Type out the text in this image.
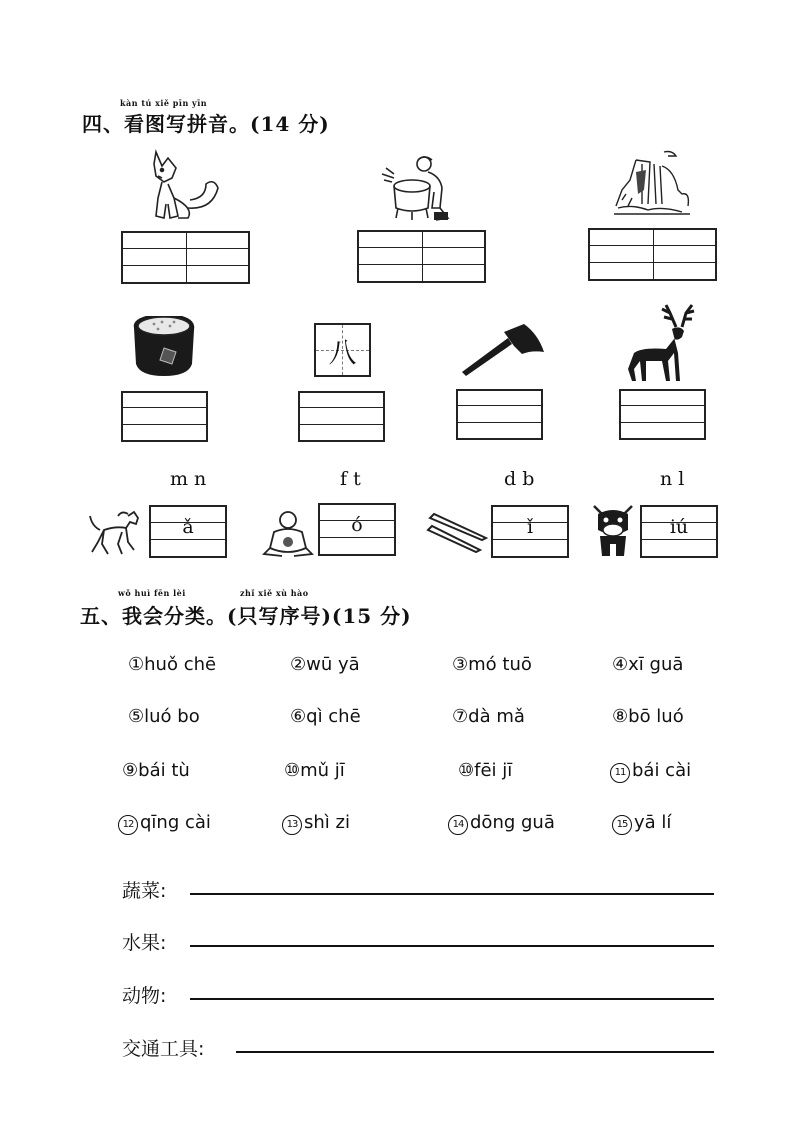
kàn tú xiě pīn yīn
四、看图写拼音。(14 分)
八
m n	f t	d b	n l
ǎ	ó	ǐ	iú
wǒ huì fēn lèi	zhǐ xiě xù hào
五、我会分类。(只写序号)(15 分)
①huǒ chē	②wū yā	③mó tuō	④xī guā
⑤luó bo	⑥qì chē	⑦dà mǎ	⑧bō luó
⑨bái tù	⑩mǔ jī	⑩fēi jī	11 bái cài
12 qīng cài	13 shì zi	14 dōng guā	15 yā lí
蔬菜:
水果:
动物:
交通工具:
